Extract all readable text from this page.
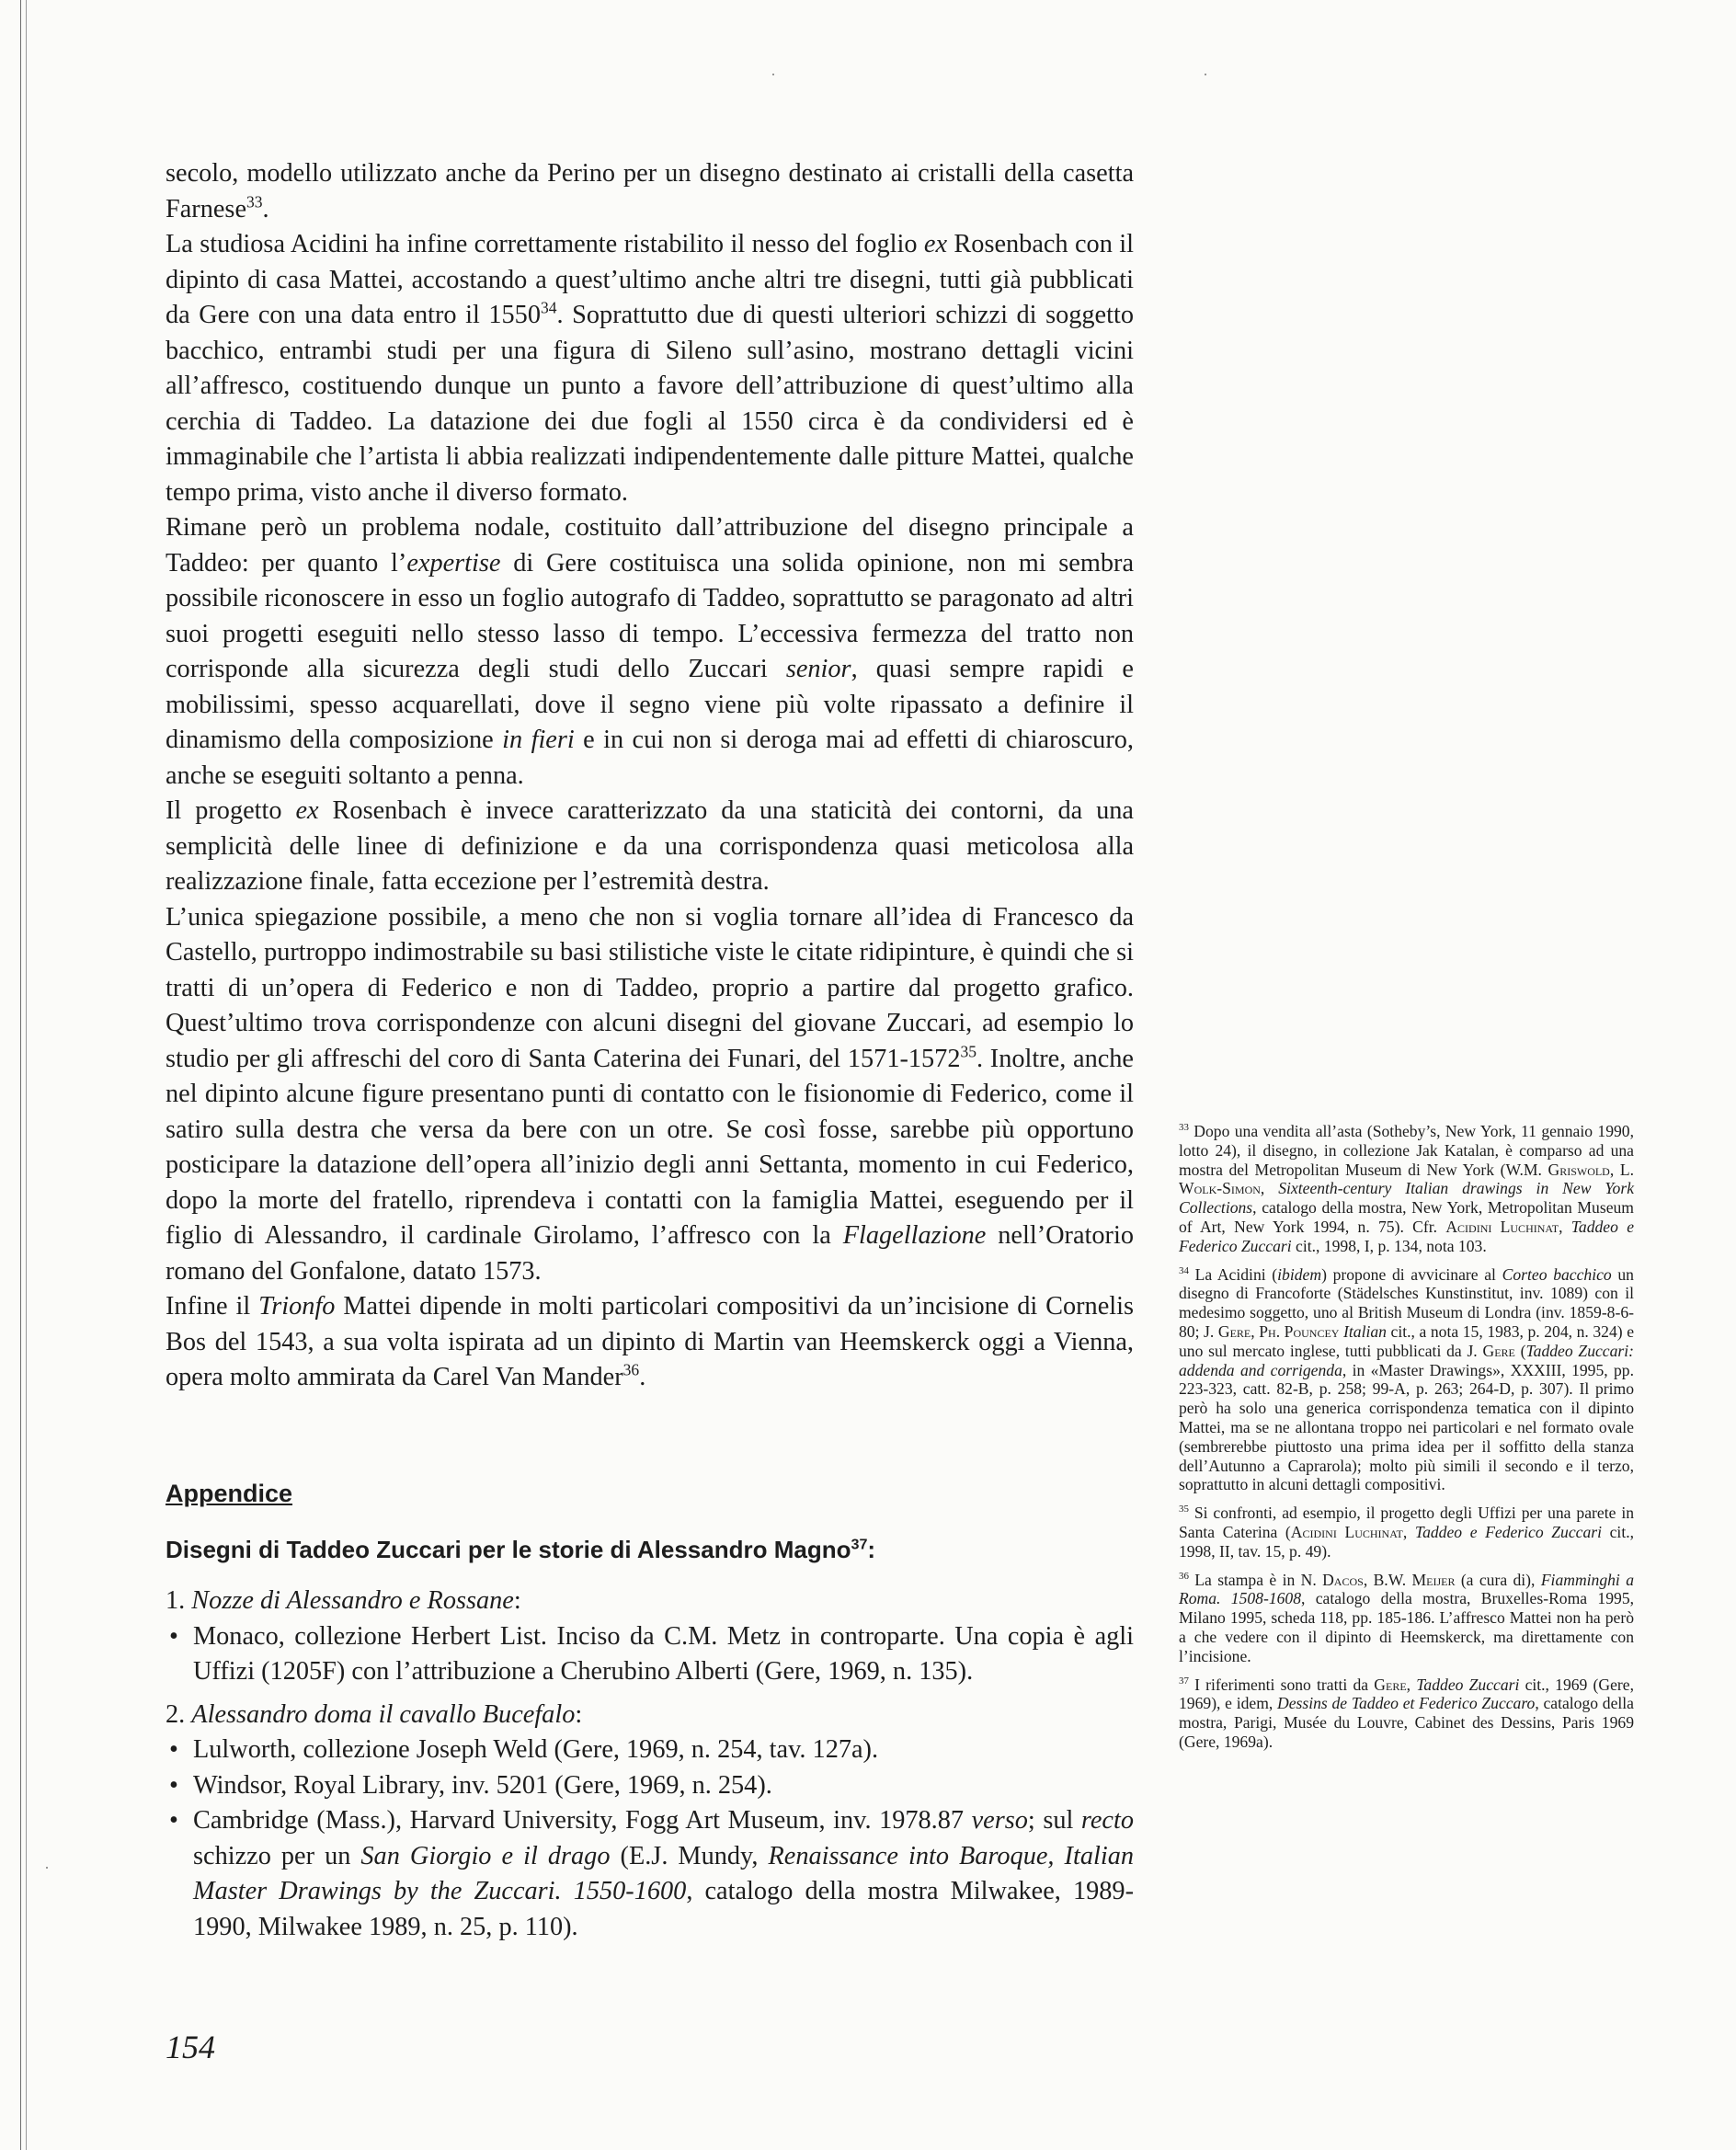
secolo, modello utilizzato anche da Perino per un disegno destinato ai cristalli della casetta Farnese$^{33}$.

La studiosa Acidini ha infine correttamente ristabilito il nesso del foglio ex Rosenbach con il dipinto di casa Mattei, accostando a quest’ultimo anche altri tre disegni, tutti già pubblicati da Gere con una data entro il 1550$^{34}$. Soprattutto due di questi ulteriori schizzi di soggetto bacchico, entrambi studi per una figura di Sileno sull’asino, mostrano dettagli vicini all’affresco, costituendo dunque un punto a favore dell’attribuzione di quest’ultimo alla cerchia di Taddeo. La datazione dei due fogli al 1550 circa è da condividersi ed è immaginabile che l’artista li abbia realizzati indipendentemente dalle pitture Mattei, qualche tempo prima, visto anche il diverso formato.

Rimane però un problema nodale, costituito dall’attribuzione del disegno principale a Taddeo: per quanto l’expertise di Gere costituisca una solida opinione, non mi sembra possibile riconoscere in esso un foglio autografo di Taddeo, soprattutto se paragonato ad altri suoi progetti eseguiti nello stesso lasso di tempo. L’eccessiva fermezza del tratto non corrisponde alla sicurezza degli studi dello Zuccari senior, quasi sempre rapidi e mobilissimi, spesso acquarellati, dove il segno viene più volte ripassato a definire il dinamismo della composizione in fieri e in cui non si deroga mai ad effetti di chiaroscuro, anche se eseguiti soltanto a penna.

Il progetto ex Rosenbach è invece caratterizzato da una staticità dei contorni, da una semplicità delle linee di definizione e da una corrispondenza quasi meticolosa alla realizzazione finale, fatta eccezione per l’estremità destra.

L’unica spiegazione possibile, a meno che non si voglia tornare all’idea di Francesco da Castello, purtroppo indimostrabile su basi stilistiche viste le citate ridipinture, è quindi che si tratti di un’opera di Federico e non di Taddeo, proprio a partire dal progetto grafico. Quest’ultimo trova corrispondenze con alcuni disegni del giovane Zuccari, ad esempio lo studio per gli affreschi del coro di Santa Caterina dei Funari, del 1571-1572$^{35}$. Inoltre, anche nel dipinto alcune figure presentano punti di contatto con le fisionomie di Federico, come il satiro sulla destra che versa da bere con un otre. Se così fosse, sarebbe più opportuno posticipare la datazione dell’opera all’inizio degli anni Settanta, momento in cui Federico, dopo la morte del fratello, riprendeva i contatti con la famiglia Mattei, eseguendo per il figlio di Alessandro, il cardinale Girolamo, l’affresco con la Flagellazione nell’Oratorio romano del Gonfalone, datato 1573.

Infine il Trionfo Mattei dipende in molti particolari compositivi da un’incisione di Cornelis Bos del 1543, a sua volta ispirata ad un dipinto di Martin van Heemskerck oggi a Vienna, opera molto ammirata da Carel Van Mander$^{36}$.

Appendice
Disegni di Taddeo Zuccari per le storie di Alessandro Magno$^{37}$:
1. Nozze di Alessandro e Rossane:
• Monaco, collezione Herbert List. Inciso da C.M. Metz in controparte. Una copia è agli Uffizi (1205F) con l’attribuzione a Cherubino Alberti (Gere, 1969, n. 135).
2. Alessandro doma il cavallo Bucefalo:
• Lulworth, collezione Joseph Weld (Gere, 1969, n. 254, tav. 127a).
• Windsor, Royal Library, inv. 5201 (Gere, 1969, n. 254).
• Cambridge (Mass.), Harvard University, Fogg Art Museum, inv. 1978.87 verso; sul recto schizzo per un San Giorgio e il drago (E.J. Mundy, Renaissance into Baroque, Italian Master Drawings by the Zuccari. 1550-1600, catalogo della mostra Milwakee, 1989-1990, Milwakee 1989, n. 25, p. 110).

$^{33}$ Dopo una vendita all’asta (Sotheby’s, New York, 11 gennaio 1990, lotto 24), il disegno, in collezione Jak Katalan, è comparso ad una mostra del Metropolitan Museum di New York (W.M. Griswold, L. Wolk-Simon, Sixteenth-century Italian drawings in New York Collections, catalogo della mostra, New York, Metropolitan Museum of Art, New York 1994, n. 75). Cfr. Acidini Luchinat, Taddeo e Federico Zuccari cit., 1998, I, p. 134, nota 103.

$^{34}$ La Acidini (ibidem) propone di avvicinare al Corteo bacchico un disegno di Francoforte (Städelsches Kunstinstitut, inv. 1089) con il medesimo soggetto, uno al British Museum di Londra (inv. 1859-8-6-80; J. Gere, Ph. Pouncey Italian cit., a nota 15, 1983, p. 204, n. 324) e uno sul mercato inglese, tutti pubblicati da J. Gere (Taddeo Zuccari: addenda and corrigenda, in «Master Drawings», XXXIII, 1995, pp. 223-323, catt. 82-B, p. 258; 99-A, p. 263; 264-D, p. 307). Il primo però ha solo una generica corrispondenza tematica con il dipinto Mattei, ma se ne allontana troppo nei particolari e nel formato ovale (sembrerebbe piuttosto una prima idea per il soffitto della stanza dell’Autunno a Caprarola); molto più simili il secondo e il terzo, soprattutto in alcuni dettagli compositivi.

$^{35}$ Si confronti, ad esempio, il progetto degli Uffizi per una parete in Santa Caterina (Acidini Luchinat, Taddeo e Federico Zuccari cit., 1998, II, tav. 15, p. 49).

$^{36}$ La stampa è in N. Dacos, B.W. Meijer (a cura di), Fiamminghi a Roma. 1508-1608, catalogo della mostra, Bruxelles-Roma 1995, Milano 1995, scheda 118, pp. 185-186. L’affresco Mattei non ha però a che vedere con il dipinto di Heemskerck, ma direttamente con l’incisione.

$^{37}$ I riferimenti sono tratti da Gere, Taddeo Zuccari cit., 1969 (Gere, 1969), e idem, Dessins de Taddeo et Federico Zuccaro, catalogo della mostra, Parigi, Musée du Louvre, Cabinet des Dessins, Paris 1969 (Gere, 1969a).

154
